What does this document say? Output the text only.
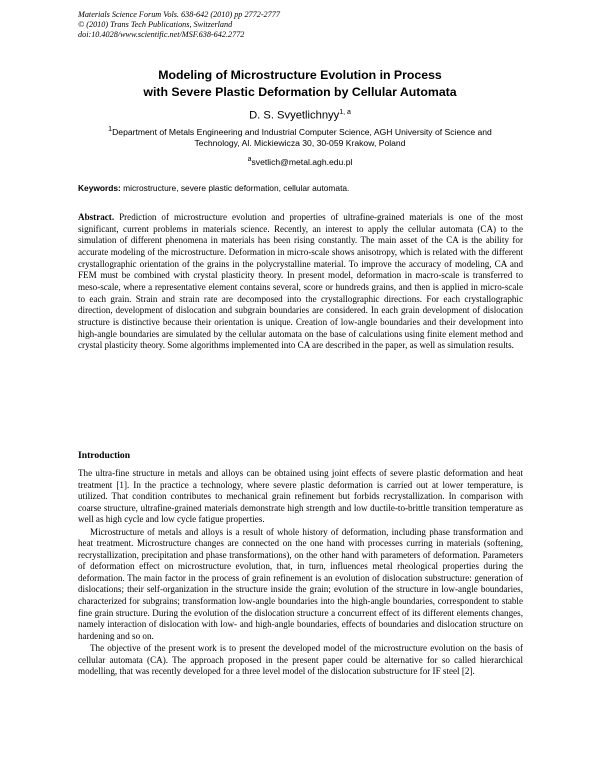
Materials Science Forum Vols. 638-642 (2010) pp 2772-2777
© (2010) Trans Tech Publications, Switzerland
doi:10.4028/www.scientific.net/MSF.638-642.2772
Modeling of Microstructure Evolution in Process
with Severe Plastic Deformation by Cellular Automata
D. S. Svyetlichnyy$^{1, a}$
$^1$Department of Metals Engineering and Industrial Computer Science, AGH University of Science and Technology, Al. Mickiewicza 30, 30-059 Krakow, Poland
$^a$svetlich@metal.agh.edu.pl
Keywords: microstructure, severe plastic deformation, cellular automata.
Abstract. Prediction of microstructure evolution and properties of ultrafine-grained materials is one of the most significant, current problems in materials science. Recently, an interest to apply the cellular automata (CA) to the simulation of different phenomena in materials has been rising constantly. The main asset of the CA is the ability for accurate modeling of the microstructure. Deformation in micro-scale shows anisotropy, which is related with the different crystallographic orientation of the grains in the polycrystalline material. To improve the accuracy of modeling, CA and FEM must be combined with crystal plasticity theory. In present model, deformation in macro-scale is transferred to meso-scale, where a representative element contains several, score or hundreds grains, and then is applied in micro-scale to each grain. Strain and strain rate are decomposed into the crystallographic directions. For each crystallographic direction, development of dislocation and subgrain boundaries are considered. In each grain development of dislocation structure is distinctive because their orientation is unique. Creation of low-angle boundaries and their development into high-angle boundaries are simulated by the cellular automata on the base of calculations using finite element method and crystal plasticity theory. Some algorithms implemented into CA are described in the paper, as well as simulation results.
Introduction

The ultra-fine structure in metals and alloys can be obtained using joint effects of severe plastic deformation and heat treatment [1]. In the practice a technology, where severe plastic deformation is carried out at lower temperature, is utilized. That condition contributes to mechanical grain refinement but forbids recrystallization. In comparison with coarse structure, ultrafine-grained materials demonstrate high strength and low ductile-to-brittle transition temperature as well as high cycle and low cycle fatigue properties.

Microstructure of metals and alloys is a result of whole history of deformation, including phase transformation and heat treatment. Microstructure changes are connected on the one hand with processes curring in materials (softening, recrystallization, precipitation and phase transformations), on the other hand with parameters of deformation. Parameters of deformation effect on microstructure evolution, that, in turn, influences metal rheological properties during the deformation. The main factor in the process of grain refinement is an evolution of dislocation substructure: generation of dislocations; their self-organization in the structure inside the grain; evolution of the structure in low-angle boundaries, characterized for subgrains; transformation low-angle boundaries into the high-angle boundaries, correspondent to stable fine grain structure. During the evolution of the dislocation structure a concurrent effect of its different elements changes, namely interaction of dislocation with low- and high-angle boundaries, effects of boundaries and dislocation structure on hardening and so on.

The objective of the present work is to present the developed model of the microstructure evolution on the basis of cellular automata (CA). The approach proposed in the present paper could be alternative for so called hierarchical modelling, that was recently developed for a three level model of the dislocation substructure for IF steel [2].
